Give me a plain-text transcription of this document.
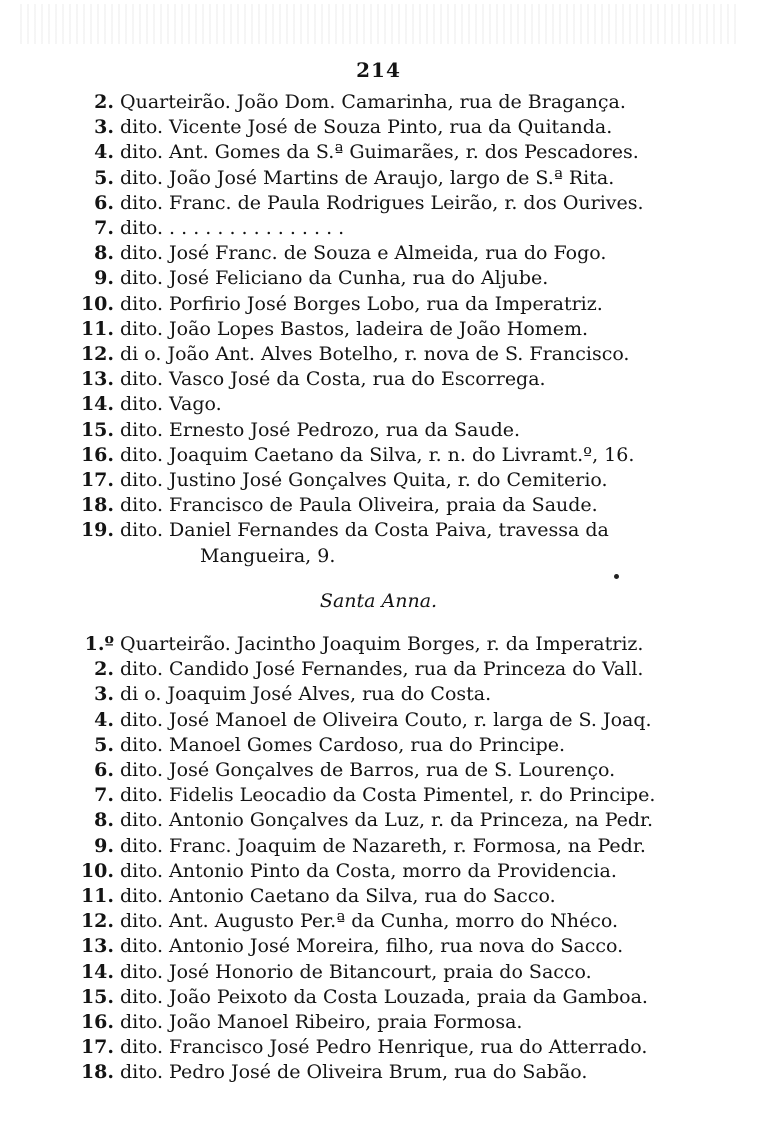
214
2. Quarteirão. João Dom. Camarinha, rua de Bragança.
3. dito. Vicente José de Souza Pinto, rua da Quitanda.
4. dito. Ant. Gomes da S.ª Guimarães, r. dos Pescadores.
5. dito. João José Martins de Araujo, largo de S.ª Rita.
6. dito. Franc. de Paula Rodrigues Leirão, r. dos Ourives.
7. dito. . . . . . . . . . . . . . . .
8. dito. José Franc. de Souza e Almeida, rua do Fogo.
9. dito. José Feliciano da Cunha, rua do Aljube.
10. dito. Porfirio José Borges Lobo, rua da Imperatriz.
11. dito. João Lopes Bastos, ladeira de João Homem.
12. di o. João Ant. Alves Botelho, r. nova de S. Francisco.
13. dito. Vasco José da Costa, rua do Escorrega.
14. dito. Vago.
15. dito. Ernesto José Pedrozo, rua da Saude.
16. dito. Joaquim Caetano da Silva, r. n. do Livramt.º, 16.
17. dito. Justino José Gonçalves Quita, r. do Cemiterio.
18. dito. Francisco de Paula Oliveira, praia da Saude.
19. dito. Daniel Fernandes da Costa Paiva, travessa da
Mangueira, 9.
Santa Anna.
1.º Quarteirão. Jacintho Joaquim Borges, r. da Imperatriz.
2. dito. Candido José Fernandes, rua da Princeza do Vall.
3. di o. Joaquim José Alves, rua do Costa.
4. dito. José Manoel de Oliveira Couto, r. larga de S. Joaq.
5. dito. Manoel Gomes Cardoso, rua do Principe.
6. dito. José Gonçalves de Barros, rua de S. Lourenço.
7. dito. Fidelis Leocadio da Costa Pimentel, r. do Principe.
8. dito. Antonio Gonçalves da Luz, r. da Princeza, na Pedr.
9. dito. Franc. Joaquim de Nazareth, r. Formosa, na Pedr.
10. dito. Antonio Pinto da Costa, morro da Providencia.
11. dito. Antonio Caetano da Silva, rua do Sacco.
12. dito. Ant. Augusto Per.ª da Cunha, morro do Nhéco.
13. dito. Antonio José Moreira, filho, rua nova do Sacco.
14. dito. José Honorio de Bitancourt, praia do Sacco.
15. dito. João Peixoto da Costa Louzada, praia da Gamboa.
16. dito. João Manoel Ribeiro, praia Formosa.
17. dito. Francisco José Pedro Henrique, rua do Atterrado.
18. dito. Pedro José de Oliveira Brum, rua do Sabão.
